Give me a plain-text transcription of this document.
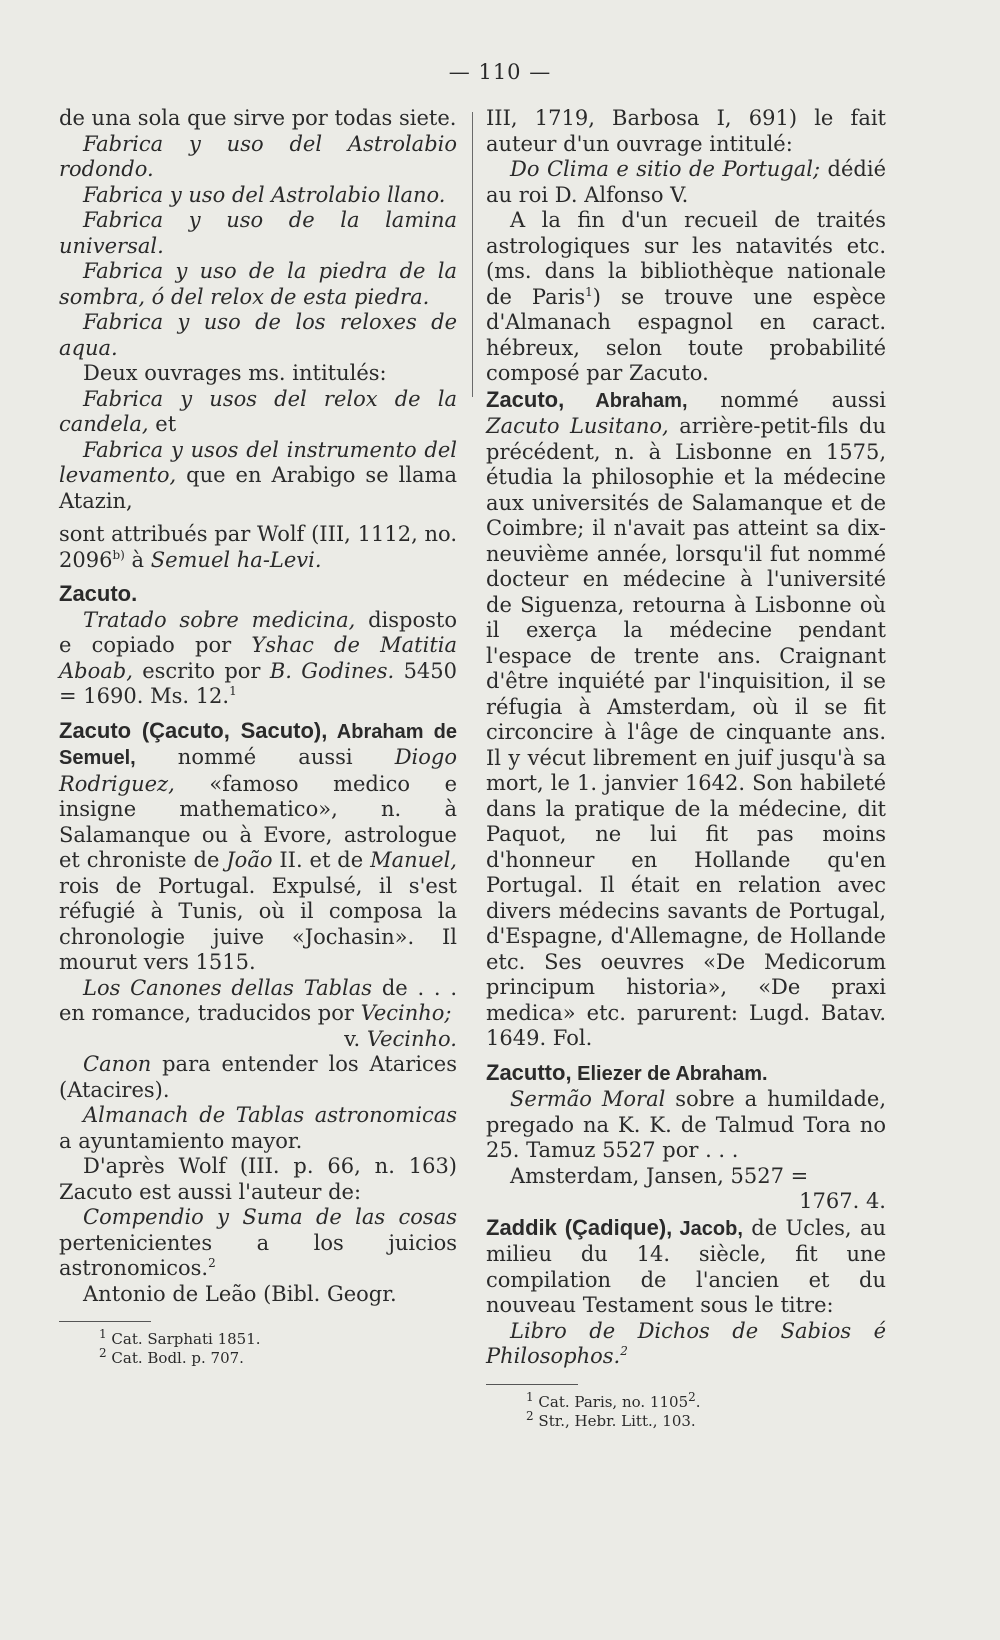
— 110 —

de una sola que sirve por todas siete.

Fabrica y uso del Astrolabio rodondo.

Fabrica y uso del Astrolabio llano.

Fabrica y uso de la lamina universal.

Fabrica y uso de la piedra de la sombra, ó del relox de esta piedra.

Fabrica y uso de los reloxes de aqua.

Deux ouvrages ms. intitulés:

Fabrica y usos del relox de la candela, et

Fabrica y usos del instrumento del levamento, que en Arabigo se llama Atazin,

sont attribués par Wolf (III, 1112, no. 2096$^{b)}$ à Semuel ha-Levi.

Zacuto.

Tratado sobre medicina, disposto e copiado por Yshac de Matitia Aboab, escrito por B. Godines. 5450 = 1690. Ms. 12.$^1$

Zacuto (Çacuto, Sacuto), Abraham de Semuel, nommé aussi Diogo Rodriguez, «famoso medico e insigne mathematico», n. à Salamanque ou à Evore, astrologue et chroniste de João II. et de Manuel, rois de Portugal. Expulsé, il s'est réfugié à Tunis, où il composa la chronologie juive «Jochasin». Il mourut vers 1515.

Los Canones dellas Tablas de . . . en romance, traducidos por Vecinho;

v. Vecinho.

Canon para entender los Atarices (Atacires).

Almanach de Tablas astronomicas a ayuntamiento mayor.

D'après Wolf (III. p. 66, n. 163) Zacuto est aussi l'auteur de:

Compendio y Suma de las cosas pertenicientes a los juicios astronomicos.$^2$

Antonio de Leão (Bibl. Geogr.

$^1$ Cat. Sarphati 1851.

$^2$ Cat. Bodl. p. 707.

III, 1719, Barbosa I, 691) le fait auteur d'un ouvrage intitulé:

Do Clima e sitio de Portugal; dédié au roi D. Alfonso V.

A la fin d'un recueil de traités astrologiques sur les natavités etc. (ms. dans la bibliothèque nationale de Paris$^1$) se trouve une espèce d'Almanach espagnol en caract. hébreux, selon toute probabilité composé par Zacuto.

Zacuto, Abraham, nommé aussi Zacuto Lusitano, arrière-petit-fils du précédent, n. à Lisbonne en 1575, étudia la philosophie et la médecine aux universités de Salamanque et de Coimbre; il n'avait pas atteint sa dix-neuvième année, lorsqu'il fut nommé docteur en médecine à l'université de Siguenza, retourna à Lisbonne où il exerça la médecine pendant l'espace de trente ans. Craignant d'être inquiété par l'inquisition, il se réfugia à Amsterdam, où il se fit circoncire à l'âge de cinquante ans. Il y vécut librement en juif jusqu'à sa mort, le 1. janvier 1642. Son habileté dans la pratique de la médecine, dit Paquot, ne lui fit pas moins d'honneur en Hollande qu'en Portugal. Il était en relation avec divers médecins savants de Portugal, d'Espagne, d'Allemagne, de Hollande etc. Ses oeuvres «De Medicorum principum historia», «De praxi medica» etc. parurent: Lugd. Batav. 1649. Fol.

Zacutto, Eliezer de Abraham.

Sermão Moral sobre a humildade, pregado na K. K. de Talmud Tora no 25. Tamuz 5527 por . . .

Amsterdam, Jansen, 5527 =

1767. 4.

Zaddik (Çadique), Jacob, de Ucles, au milieu du 14. siècle, fit une compilation de l'ancien et du nouveau Testament sous le titre:

Libro de Dichos de Sabios é Philosophos.$^2$

$^1$ Cat. Paris, no. 1105$^2$.

$^2$ Str., Hebr. Litt., 103.
